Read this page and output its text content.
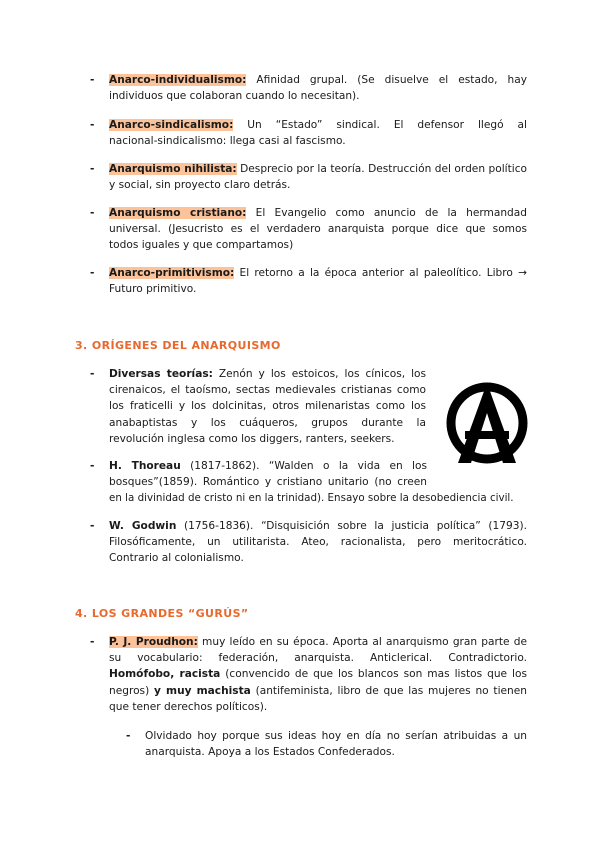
- Anarco-individualismo: Afinidad grupal. (Se disuelve el estado, hay
individuos que colaboran cuando lo necesitan).
- Anarco-sindicalismo: Un “Estado” sindical. El defensor llegó al
nacional-sindicalismo: llega casi al fascismo.
- Anarquismo nihilista: Desprecio por la teoría. Destrucción del orden político
y social, sin proyecto claro detrás.
- Anarquismo cristiano: El Evangelio como anuncio de la hermandad
universal. (Jesucristo es el verdadero anarquista porque dice que somos
todos iguales y que compartamos)
- Anarco-primitivismo: El retorno a la época anterior al paleolítico. Libro →
Futuro primitivo.
3. ORÍGENES DEL ANARQUISMO
- Diversas teorías: Zenón y los estoicos, los cínicos, los
cirenaicos, el taoísmo, sectas medievales cristianas como
los fraticelli y los dolcinitas, otros milenaristas como los
anabaptistas y los cuáqueros, grupos durante la
revolución inglesa como los diggers, ranters, seekers.
- H. Thoreau (1817-1862). “Walden o la vida en los
bosques”(1859). Romántico y cristiano unitario (no creen
en la divinidad de cristo ni en la trinidad). Ensayo sobre la desobediencia civil.
- W. Godwin (1756-1836). “Disquisición sobre la justicia política” (1793).
Filosóficamente, un utilitarista. Ateo, racionalista, pero meritocrático.
Contrario al colonialismo.
4. LOS GRANDES “GURÚS”
- P. J. Proudhon: muy leído en su época. Aporta al anarquismo gran parte de
su vocabulario: federación, anarquista. Anticlerical. Contradictorio.
Homófobo, racista (convencido de que los blancos son mas listos que los
negros) y muy machista (antifeminista, libro de que las mujeres no tienen
que tener derechos políticos).
- Olvidado hoy porque sus ideas hoy en día no serían atribuidas a un
anarquista. Apoya a los Estados Confederados.
